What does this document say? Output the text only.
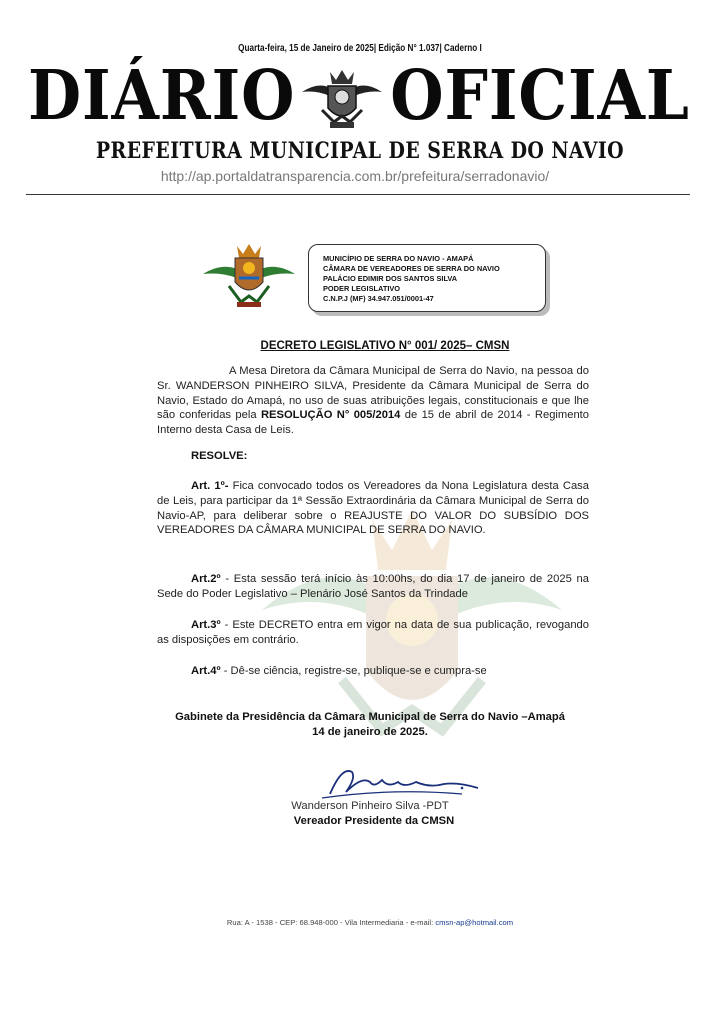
Quarta-feira, 15 de Janeiro de 2025| Edição N° 1.037| Caderno I
DIÁRIO OFICIAL
PREFEITURA MUNICIPAL DE SERRA DO NAVIO
http://ap.portaldatransparencia.com.br/prefeitura/serradonavio/
MUNICÍPIO DE SERRA DO NAVIO - AMAPÁ
CÂMARA DE VEREADORES DE SERRA DO NAVIO
PALÁCIO EDIMIR DOS SANTOS SILVA
PODER LEGISLATIVO
C.N.P.J (MF) 34.947.051/0001-47
DECRETO LEGISLATIVO N° 001/ 2025– CMSN
A Mesa Diretora da Câmara Municipal de Serra do Navio, na pessoa do Sr. WANDERSON PINHEIRO SILVA, Presidente da Câmara Municipal de Serra do Navio, Estado do Amapá, no uso de suas atribuições legais, constitucionais e que lhe são conferidas pela RESOLUÇÃO N° 005/2014 de 15 de abril de 2014 - Regimento Interno desta Casa de Leis.
RESOLVE:
Art. 1º- Fica convocado todos os Vereadores da Nona Legislatura desta Casa de Leis, para participar da 1ª Sessão Extraordinária da Câmara Municipal de Serra do Navio-AP, para deliberar sobre o REAJUSTE DO VALOR DO SUBSÍDIO DOS VEREADORES DA CÂMARA MUNICIPAL DE SERRA DO NAVIO.
Art.2º - Esta sessão terá início às 10:00hs, do dia 17 de janeiro de 2025 na Sede do Poder Legislativo – Plenário José Santos da Trindade
Art.3º - Este DECRETO entra em vigor na data de sua publicação, revogando as disposições em contrário.
Art.4º - Dê-se ciência, registre-se, publique-se e cumpra-se
Gabinete da Presidência da Câmara Municipal de Serra do Navio –Amapá
14 de janeiro de 2025.
Wanderson Pinheiro Silva -PDT
Vereador Presidente da CMSN
Rua: A - 1538 - CEP: 68.948-000 - Vila Intermediaria - e-mail: cmsn-ap@hotmail.com
